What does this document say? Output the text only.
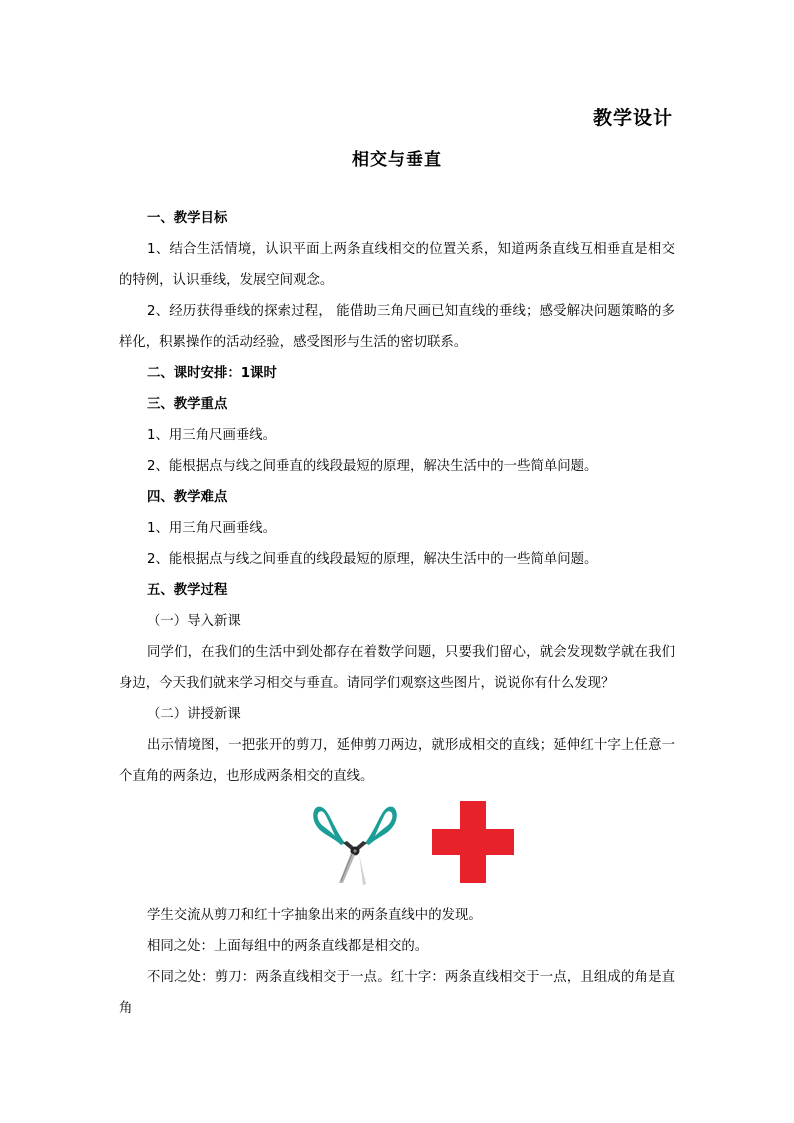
教学设计
相交与垂直

一、教学目标

1、结合生活情境，认识平面上两条直线相交的位置关系，知道两条直线互相垂直是相交的特例，认识垂线，发展空间观念。

2、经历获得垂线的探索过程， 能借助三角尺画已知直线的垂线；感受解决问题策略的多样化，积累操作的活动经验，感受图形与生活的密切联系。

二、课时安排：1课时

三、教学重点

1、用三角尺画垂线。

2、能根据点与线之间垂直的线段最短的原理，解决生活中的一些简单问题。

四、教学难点

1、用三角尺画垂线。

2、能根据点与线之间垂直的线段最短的原理，解决生活中的一些简单问题。

五、教学过程

（一）导入新课

同学们，在我们的生活中到处都存在着数学问题，只要我们留心，就会发现数学就在我们身边，今天我们就来学习相交与垂直。请同学们观察这些图片，说说你有什么发现？

（二）讲授新课

出示情境图，一把张开的剪刀，延伸剪刀两边，就形成相交的直线；延伸红十字上任意一个直角的两条边，也形成两条相交的直线。

学生交流从剪刀和红十字抽象出来的两条直线中的发现。

相同之处：上面每组中的两条直线都是相交的。

不同之处：剪刀：两条直线相交于一点。红十字：两条直线相交于一点，且组成的角是直角
